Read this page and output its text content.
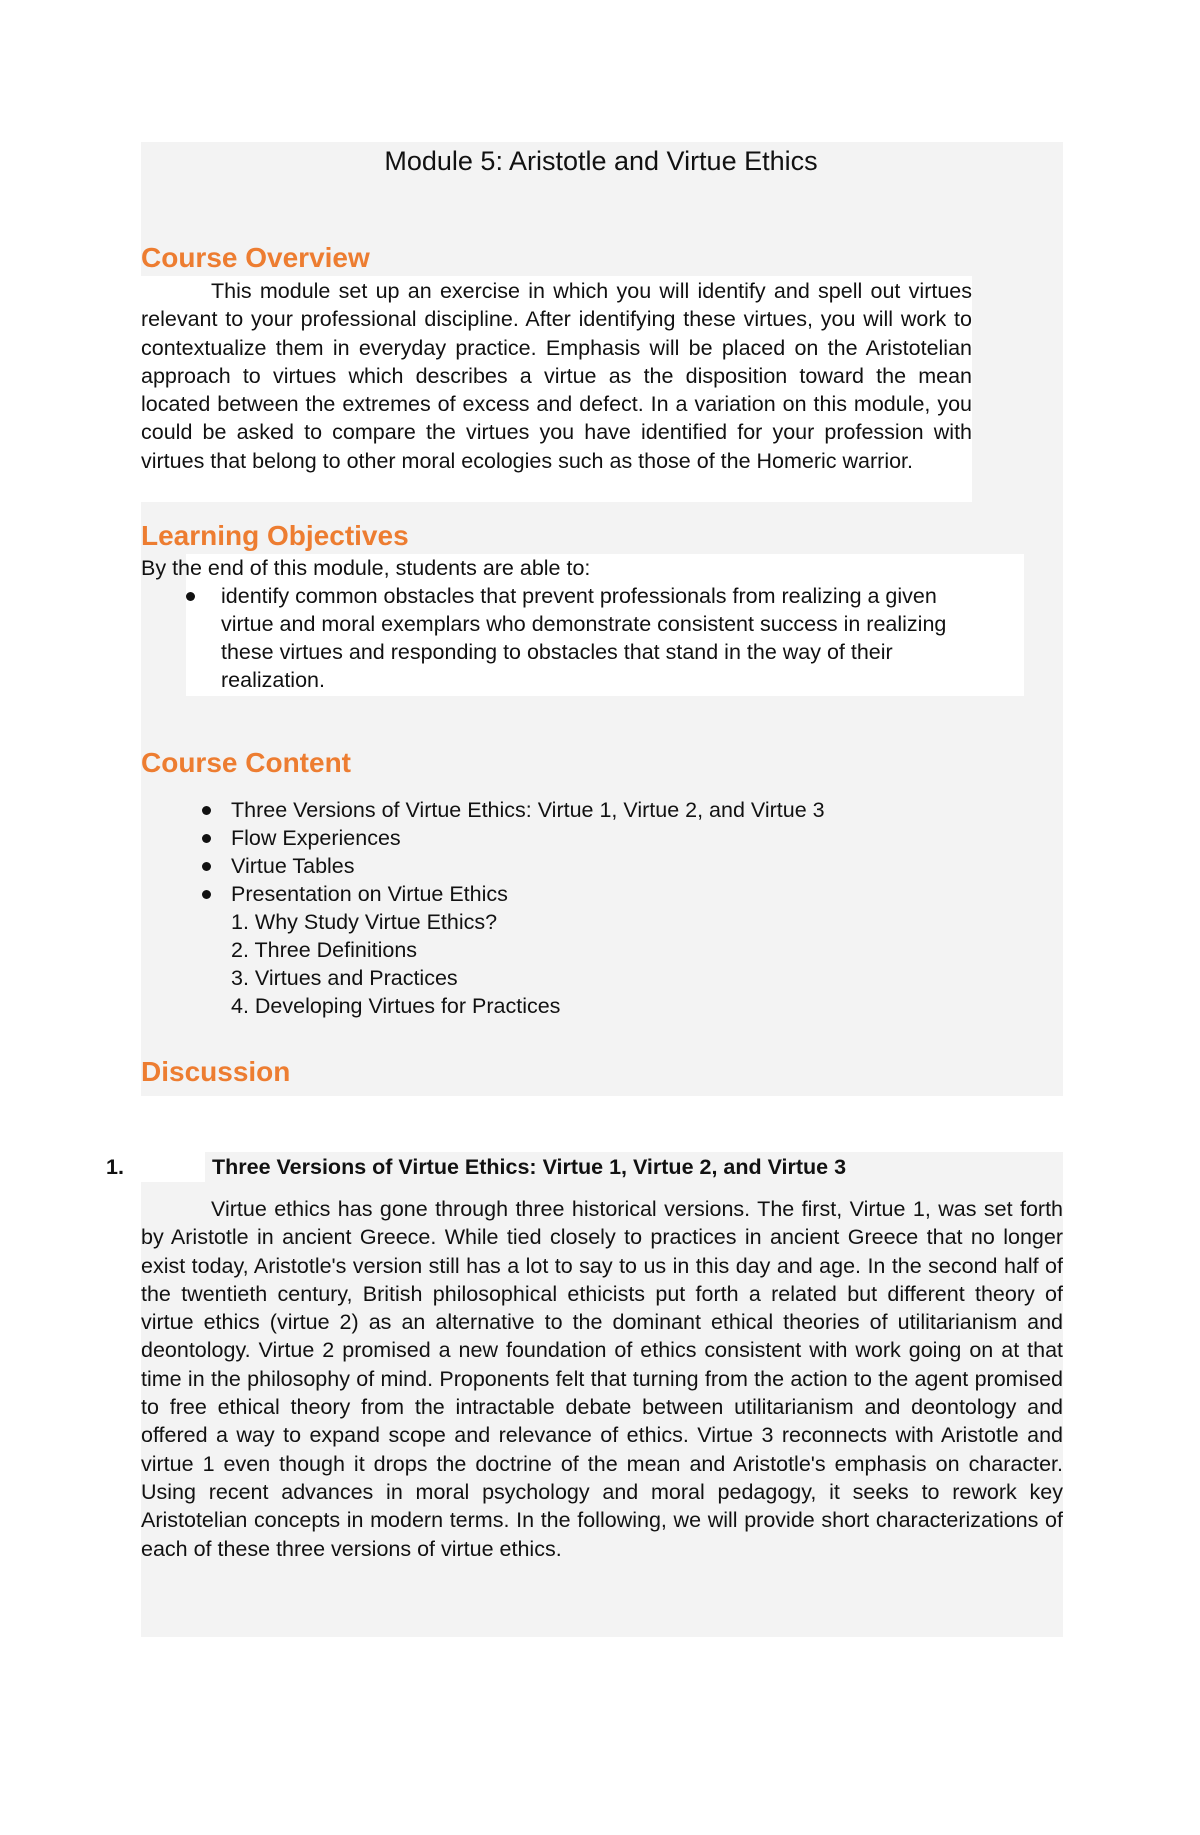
Module 5: Aristotle and Virtue Ethics
Course Overview
This module set up an exercise in which you will identify and spell out virtues relevant to your professional discipline. After identifying these virtues, you will work to contextualize them in everyday practice. Emphasis will be placed on the Aristotelian approach to virtues which describes a virtue as the disposition toward the mean located between the extremes of excess and defect. In a variation on this module, you could be asked to compare the virtues you have identified for your profession with virtues that belong to other moral ecologies such as those of the Homeric warrior.
Learning Objectives
By the end of this module, students are able to:
identify common obstacles that prevent professionals from realizing a given
virtue and moral exemplars who demonstrate consistent success in realizing
these virtues and responding to obstacles that stand in the way of their
realization.
Course Content
Three Versions of Virtue Ethics: Virtue 1, Virtue 2, and Virtue 3
Flow Experiences
Virtue Tables
Presentation on Virtue Ethics
1. Why Study Virtue Ethics?
2. Three Definitions
3. Virtues and Practices
4. Developing Virtues for Practices
Discussion
1.	Three Versions of Virtue Ethics: Virtue 1, Virtue 2, and Virtue 3
Virtue ethics has gone through three historical versions. The first, Virtue 1, was set forth by Aristotle in ancient Greece. While tied closely to practices in ancient Greece that no longer exist today, Aristotle's version still has a lot to say to us in this day and age. In the second half of the twentieth century, British philosophical ethicists put forth a related but different theory of virtue ethics (virtue 2) as an alternative to the dominant ethical theories of utilitarianism and deontology. Virtue 2 promised a new foundation of ethics consistent with work going on at that time in the philosophy of mind. Proponents felt that turning from the action to the agent promised to free ethical theory from the intractable debate between utilitarianism and deontology and offered a way to expand scope and relevance of ethics. Virtue 3 reconnects with Aristotle and virtue 1 even though it drops the doctrine of the mean and Aristotle's emphasis on character. Using recent advances in moral psychology and moral pedagogy, it seeks to rework key Aristotelian concepts in modern terms. In the following, we will provide short characterizations of each of these three versions of virtue ethics.
